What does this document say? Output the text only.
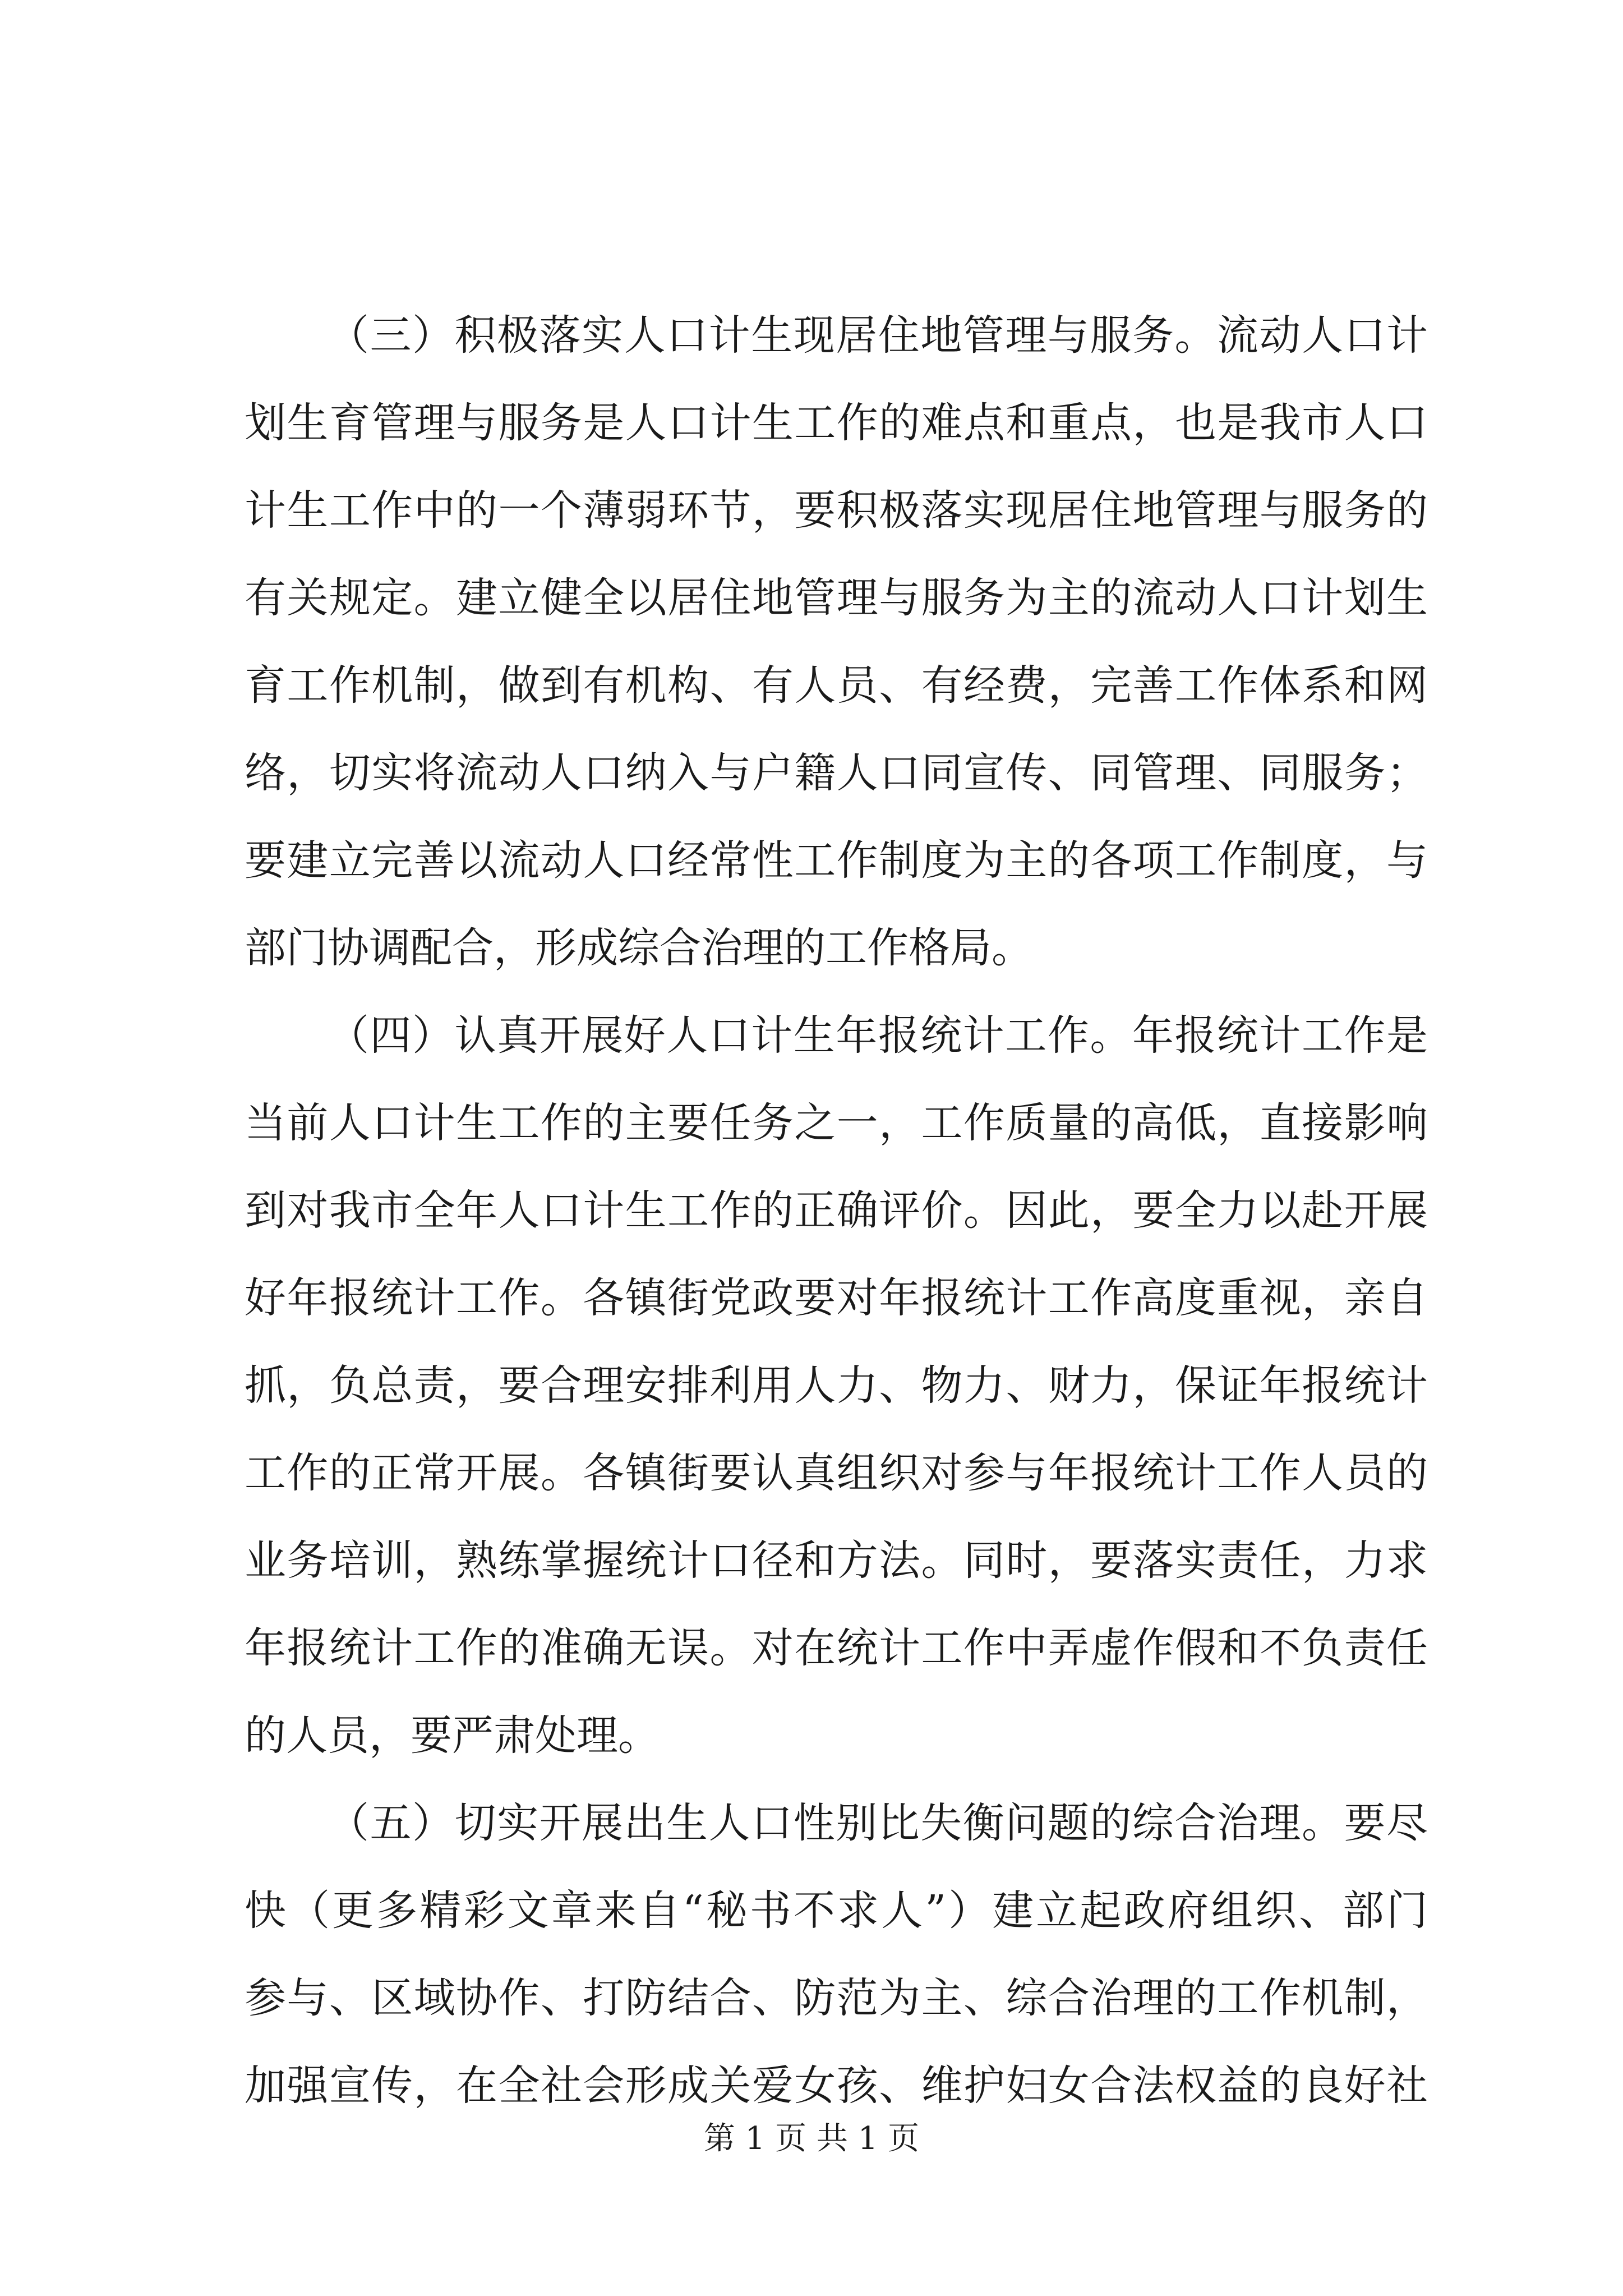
（三）积极落实人口计生现居住地管理与服务。流动人口计
划生育管理与服务是人口计生工作的难点和重点，也是我市人口
计生工作中的一个薄弱环节，要积极落实现居住地管理与服务的
有关规定。建立健全以居住地管理与服务为主的流动人口计划生
育工作机制，做到有机构、有人员、有经费，完善工作体系和网
络，切实将流动人口纳入与户籍人口同宣传、同管理、同服务；
要建立完善以流动人口经常性工作制度为主的各项工作制度，与
部门协调配合，形成综合治理的工作格局。
（四）认真开展好人口计生年报统计工作。年报统计工作是
当前人口计生工作的主要任务之一，工作质量的高低，直接影响
到对我市全年人口计生工作的正确评价。因此，要全力以赴开展
好年报统计工作。各镇街党政要对年报统计工作高度重视，亲自
抓，负总责，要合理安排利用人力、物力、财力，保证年报统计
工作的正常开展。各镇街要认真组织对参与年报统计工作人员的
业务培训，熟练掌握统计口径和方法。同时，要落实责任，力求
年报统计工作的准确无误。对在统计工作中弄虚作假和不负责任
的人员，要严肃处理。
（五）切实开展出生人口性别比失衡问题的综合治理。要尽
快（更多精彩文章来自“秘书不求人”）建立起政府组织、部门
参与、区域协作、打防结合、防范为主、综合治理的工作机制，
加强宣传，在全社会形成关爱女孩、维护妇女合法权益的良好社
第 1 页 共 1 页
